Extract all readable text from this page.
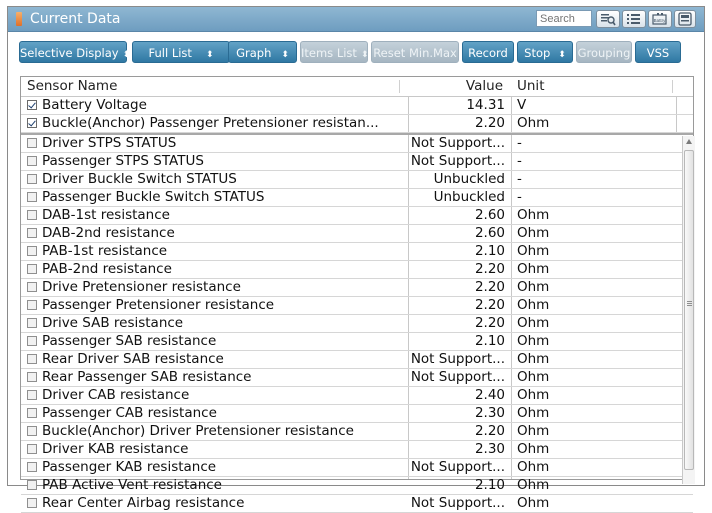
Current Data
Search	Battry
Selective Display ⬍	Full List ⬍	Graph ⬍	Items List ⬍ Reset Min.Max Record	Stop ⬍	Grouping	VSS
Sensor Name	Value Unit
Battery Voltage	14.31 V
Buckle(Anchor) Passenger Pretensioner resistan...	2.20 Ohm
Driver STPS STATUS	Not Support... -
Passenger STPS STATUS	Not Support... -
Driver Buckle Switch STATUS	Unbuckled -
Passenger Buckle Switch STATUS	Unbuckled -
DAB-1st resistance	2.60 Ohm
DAB-2nd resistance	2.60 Ohm
PAB-1st resistance	2.10 Ohm
PAB-2nd resistance	2.20 Ohm
Drive Pretensioner resistance	2.20 Ohm
Passenger Pretensioner resistance	2.20 Ohm
Drive SAB resistance	2.20 Ohm
Passenger SAB resistance	2.10 Ohm
Rear Driver SAB resistance	Not Support... Ohm
Rear Passenger SAB resistance	Not Support... Ohm
Driver CAB resistance	2.40 Ohm
Passenger CAB resistance	2.30 Ohm
Buckle(Anchor) Driver Pretensioner resistance	2.20 Ohm
Driver KAB resistance	2.30 Ohm
Passenger KAB resistance	Not Support... Ohm
PAB Active Vent resistance	2.10 Ohm
Rear Center Airbag resistance	Not Support... Ohm
